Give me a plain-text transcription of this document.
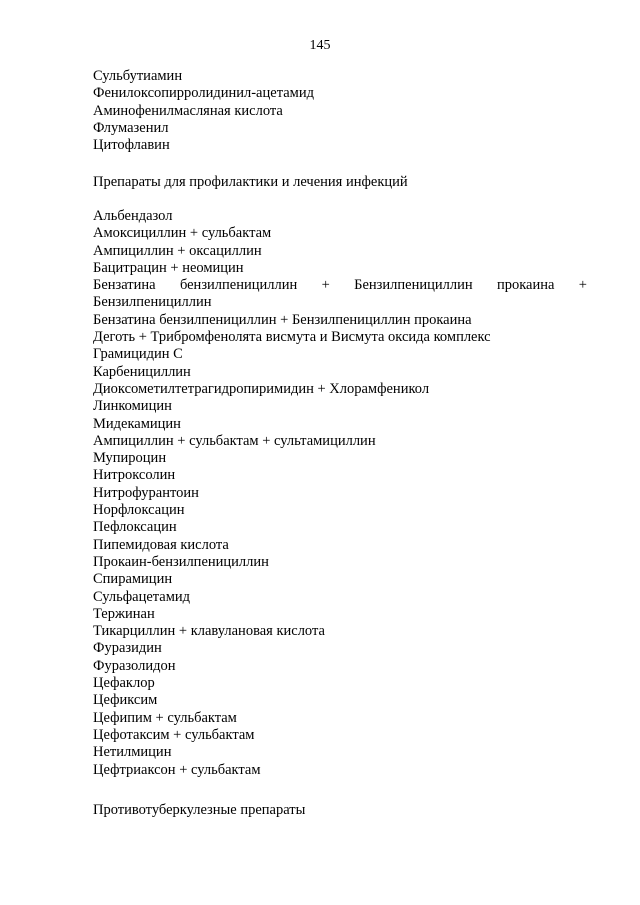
145
Сульбутиамин
Фенилоксопирролидинил-ацетамид
Аминофенилмасляная кислота
Флумазенил
Цитофлавин
Препараты для профилактики и лечения инфекций
Альбендазол
Амоксициллин + сульбактам
Ампициллин + оксациллин
Бацитрацин + неомицин
Бензатина бензилпенициллин + Бензилпенициллин прокаина +
Бензилпенициллин
Бензатина бензилпенициллин + Бензилпенициллин прокаина
Деготь + Трибромфенолята висмута и Висмута оксида комплекс
Грамицидин С
Карбенициллин
Диоксометилтетрагидропиримидин + Хлорамфеникол
Линкомицин
Мидекамицин
Ампициллин + сульбактам + сультамициллин
Мупироцин
Нитроксолин
Нитрофурантоин
Норфлоксацин
Пефлоксацин
Пипемидовая кислота
Прокаин-бензилпенициллин
Спирамицин
Сульфацетамид
Тержинан
Тикарциллин + клавулановая кислота
Фуразидин
Фуразолидон
Цефаклор
Цефиксим
Цефипим + сульбактам
Цефотаксим + сульбактам
Нетилмицин
Цефтриаксон + сульбактам
Противотуберкулезные препараты
